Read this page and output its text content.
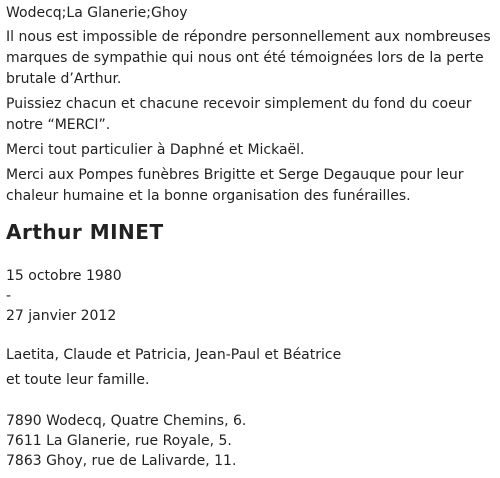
Wodecq;La Glanerie;Ghoy

Il nous est impossible de répondre personnellement aux nombreuses marques de sympathie qui nous ont été témoignées lors de la perte brutale d’Arthur.

Puissiez chacun et chacune recevoir simplement du fond du coeur notre “MERCI”.

Merci tout particulier à Daphné et Mickaël.

Merci aux Pompes funèbres Brigitte et Serge Degauque pour leur chaleur humaine et la bonne organisation des funérailles.

Arthur MINET
15 octobre 1980
-
27 janvier 2012
Laetita, Claude et Patricia, Jean-Paul et Béatrice
et toute leur famille.
7890 Wodecq, Quatre Chemins, 6.
7611 La Glanerie, rue Royale, 5.
7863 Ghoy, rue de Lalivarde, 11.
